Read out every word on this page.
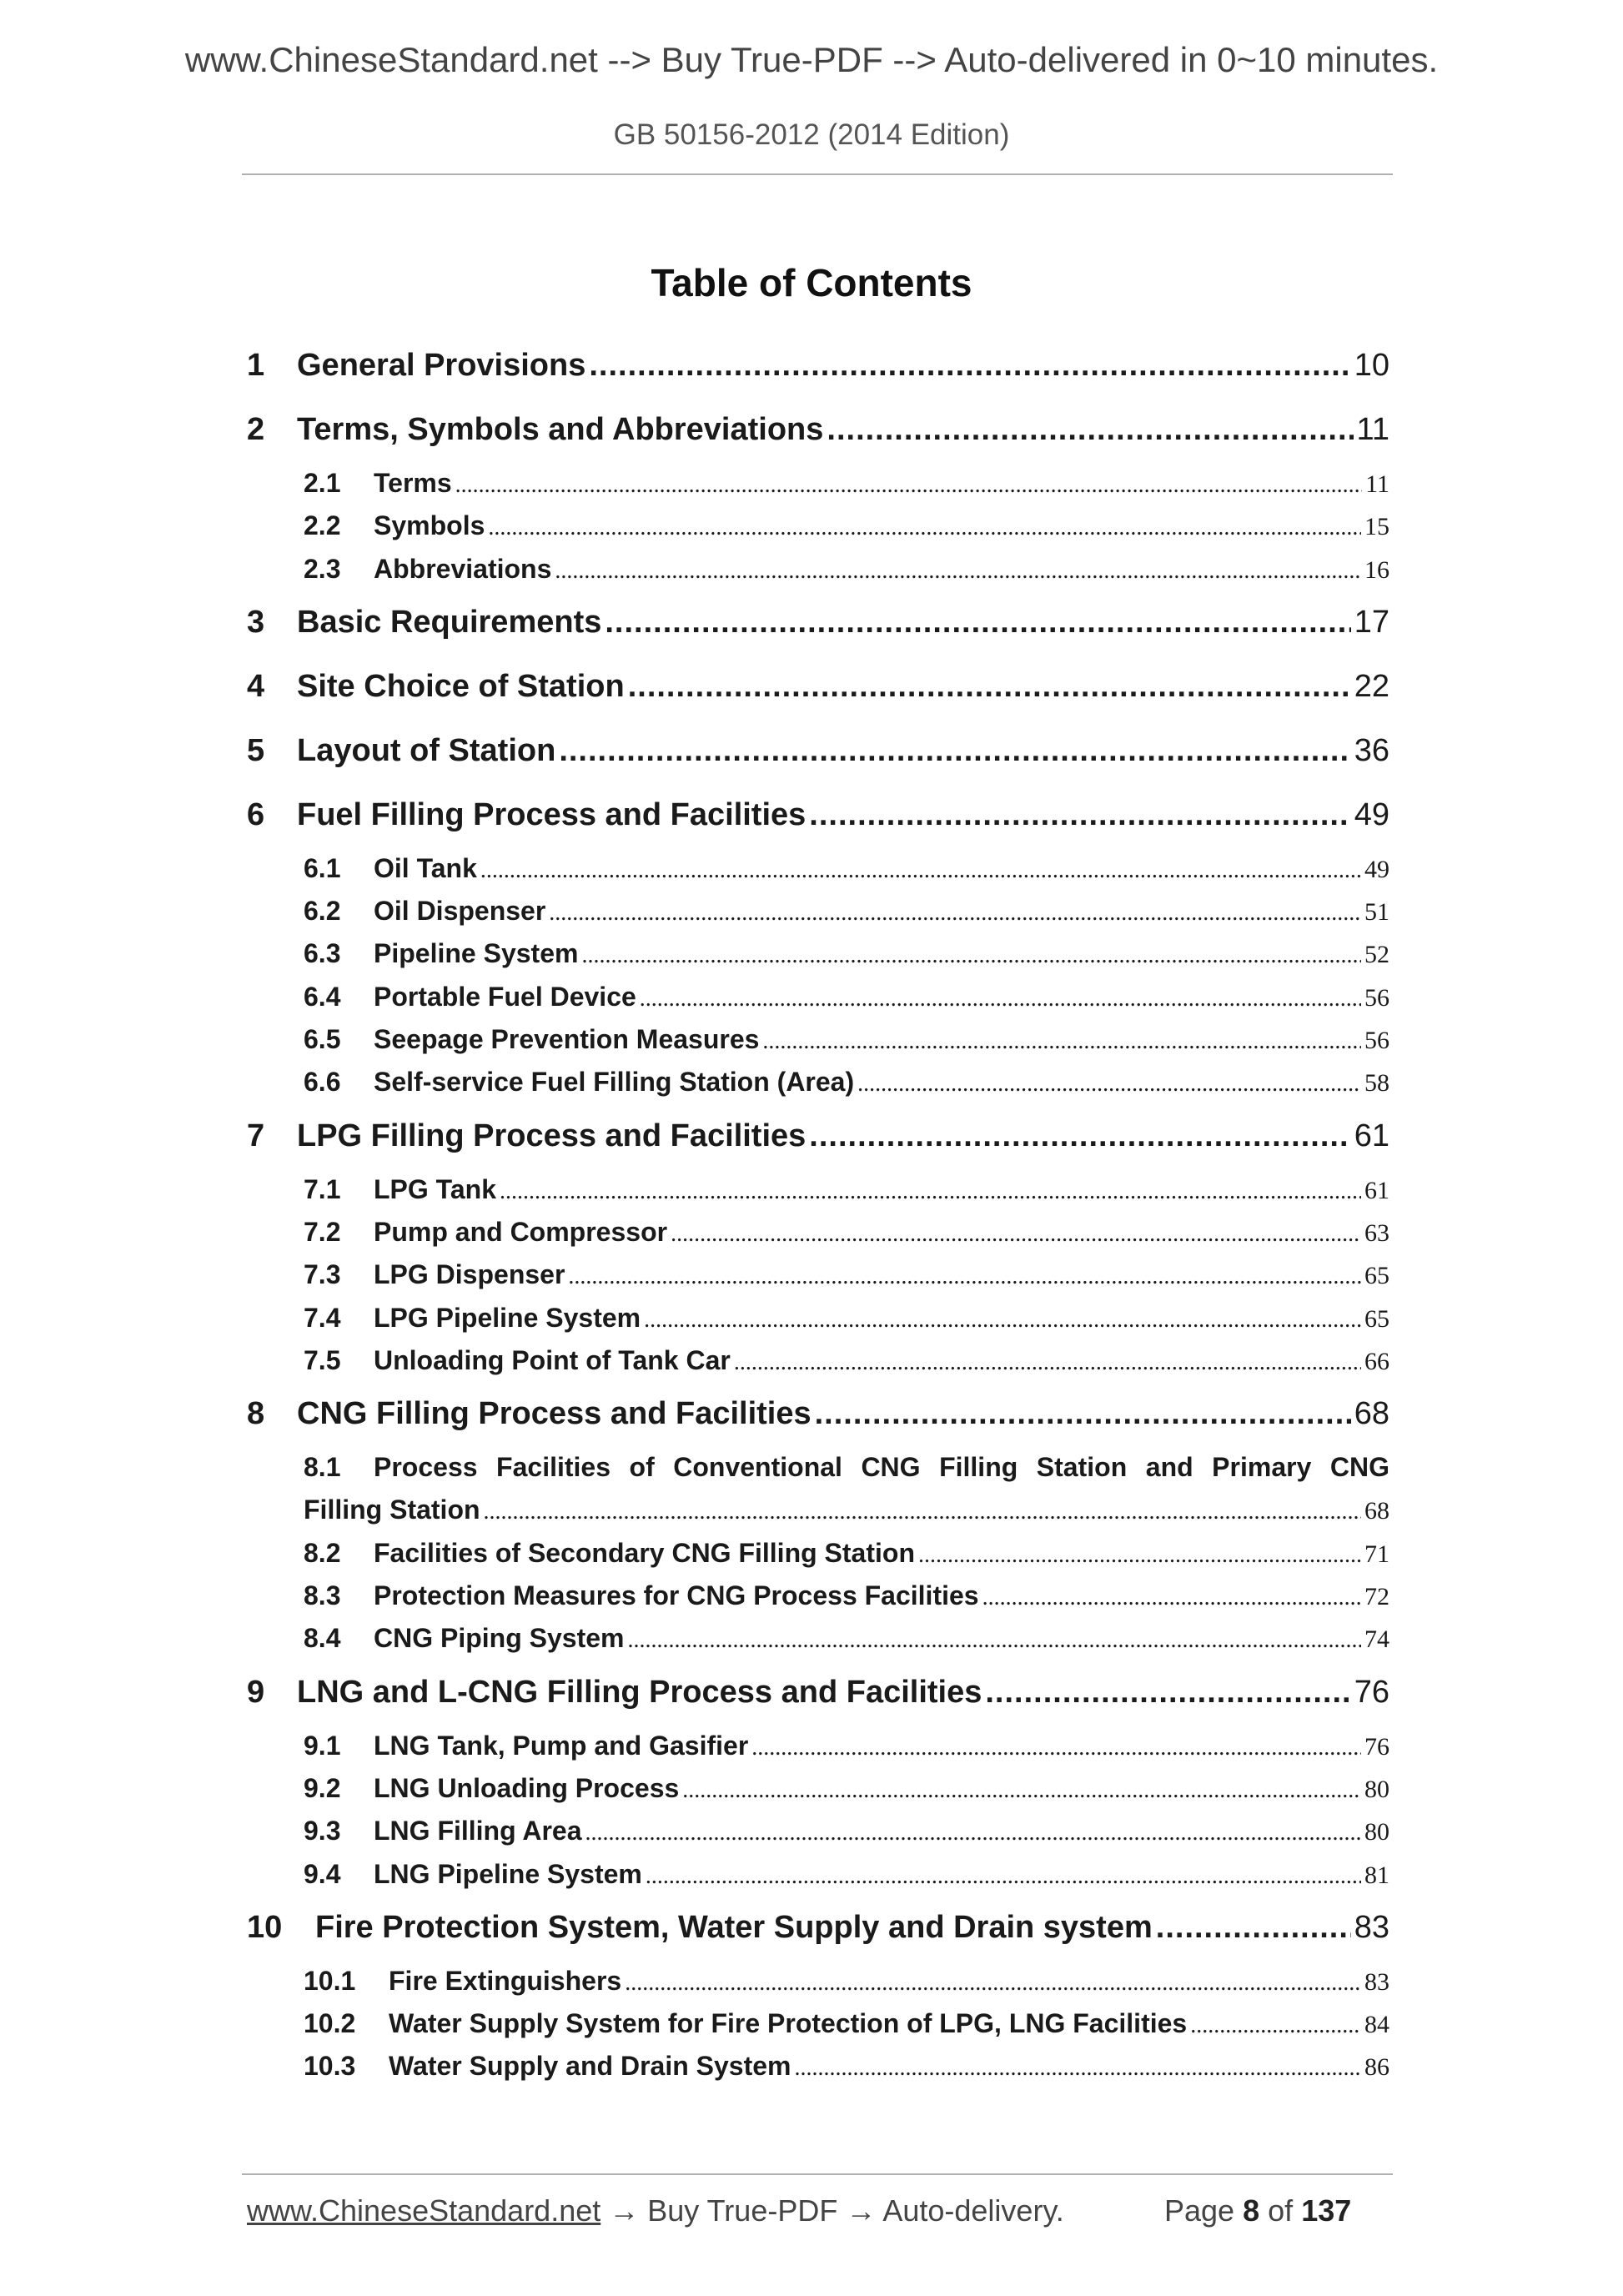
www.ChineseStandard.net --> Buy True-PDF --> Auto-delivered in 0~10 minutes.
GB 50156-2012 (2014 Edition)
Table of Contents
1	General Provisions .....	10
2	Terms, Symbols and Abbreviations .....	11
2.1	Terms .....	11
2.2	Symbols .....	15
2.3	Abbreviations .....	16
3	Basic Requirements .....	17
4	Site Choice of Station .....	22
5	Layout of Station .....	36
6	Fuel Filling Process and Facilities .....	49
6.1	Oil Tank .....	49
6.2	Oil Dispenser .....	51
6.3	Pipeline System .....	52
6.4	Portable Fuel Device .....	56
6.5	Seepage Prevention Measures .....	56
6.6	Self-service Fuel Filling Station (Area) .....	58
7	LPG Filling Process and Facilities .....	61
7.1	LPG Tank .....	61
7.2	Pump and Compressor .....	63
7.3	LPG Dispenser .....	65
7.4	LPG Pipeline System .....	65
7.5	Unloading Point of Tank Car .....	66
8	CNG Filling Process and Facilities .....	68
8.1	Process Facilities of Conventional CNG Filling Station and Primary CNG
Filling Station .....	68
8.2	Facilities of Secondary CNG Filling Station .....	71
8.3	Protection Measures for CNG Process Facilities .....	72
8.4	CNG Piping System .....	74
9	LNG and L-CNG Filling Process and Facilities .....	76
9.1	LNG Tank, Pump and Gasifier .....	76
9.2	LNG Unloading Process .....	80
9.3	LNG Filling Area .....	80
9.4	LNG Pipeline System .....	81
10	Fire Protection System, Water Supply and Drain system .....	83
10.1	Fire Extinguishers .....	83
10.2	Water Supply System for Fire Protection of LPG, LNG Facilities .....	84
10.3	Water Supply and Drain System .....	86
www.ChineseStandard.net → Buy True-PDF → Auto-delivery.	Page 8 of 137
